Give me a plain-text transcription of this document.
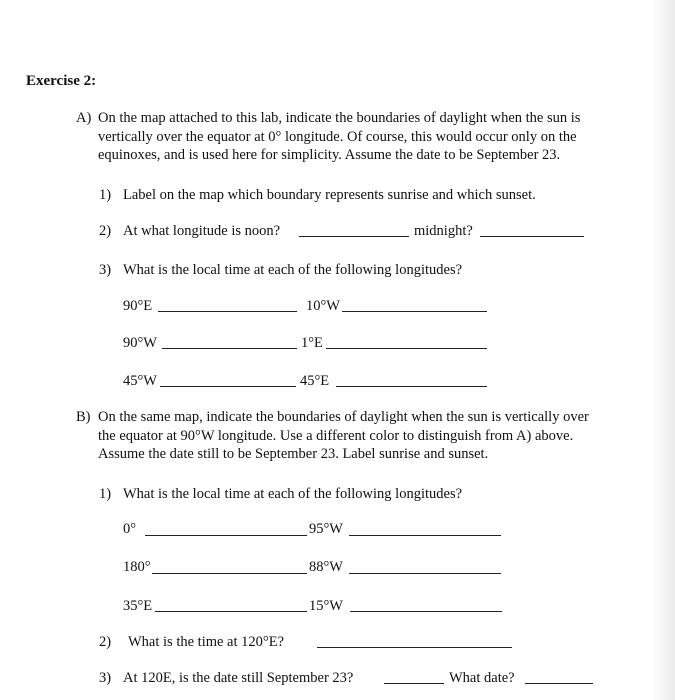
Exercise 2:
A) On the map attached to this lab, indicate the boundaries of daylight when the sun is
vertically over the equator at 0° longitude. Of course, this would occur only on the
equinoxes, and is used here for simplicity. Assume the date to be September 23.
1) Label on the map which boundary represents sunrise and which sunset.
2) At what longitude is noon?	midnight?
3) What is the local time at each of the following longitudes?
90°E	10°W
90°W	1°E
45°W	45°E
B) On the same map, indicate the boundaries of daylight when the sun is vertically over
the equator at 90°W longitude. Use a different color to distinguish from A) above.
Assume the date still to be September 23. Label sunrise and sunset.
1) What is the local time at each of the following longitudes?
0°	95°W
180°	88°W
35°E	15°W
2) What is the time at 120°E?
3) At 120E, is the date still September 23?	What date?
